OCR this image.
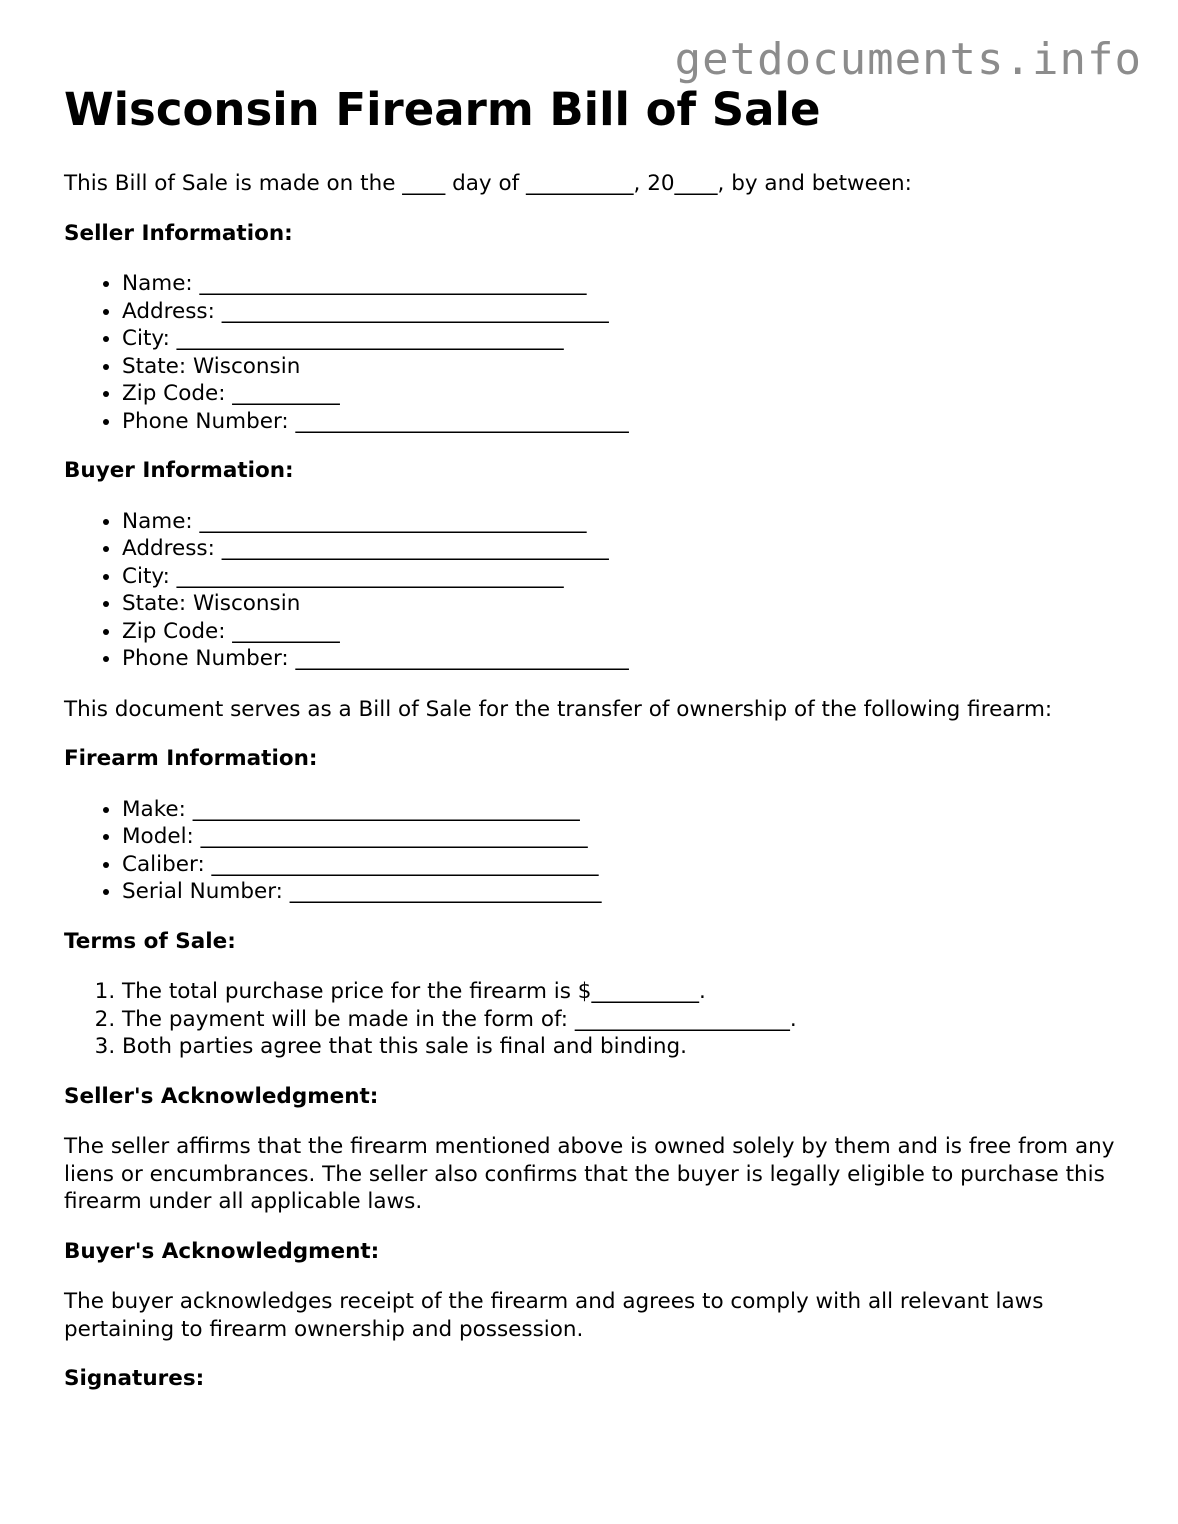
getdocuments.info
Wisconsin Firearm Bill of Sale

This Bill of Sale is made on the ____ day of __________, 20____, by and between:

Seller Information:
• Name: ____________________________________
• Address: ____________________________________
• City: ____________________________________
• State: Wisconsin
• Zip Code: __________
• Phone Number: _______________________________
Buyer Information:
• Name: ____________________________________
• Address: ____________________________________
• City: ____________________________________
• State: Wisconsin
• Zip Code: __________
• Phone Number: _______________________________

This document serves as a Bill of Sale for the transfer of ownership of the following firearm:

Firearm Information:
• Make: ____________________________________
• Model: ____________________________________
• Caliber: ____________________________________
• Serial Number: _____________________________
Terms of Sale:
1. The total purchase price for the firearm is $__________.
2. The payment will be made in the form of: ____________________.
3. Both parties agree that this sale is final and binding.
Seller's Acknowledgment:

The seller affirms that the firearm mentioned above is owned solely by them and is free from any liens or encumbrances. The seller also confirms that the buyer is legally eligible to purchase this firearm under all applicable laws.

Buyer's Acknowledgment:

The buyer acknowledges receipt of the firearm and agrees to comply with all relevant laws pertaining to firearm ownership and possession.

Signatures:
